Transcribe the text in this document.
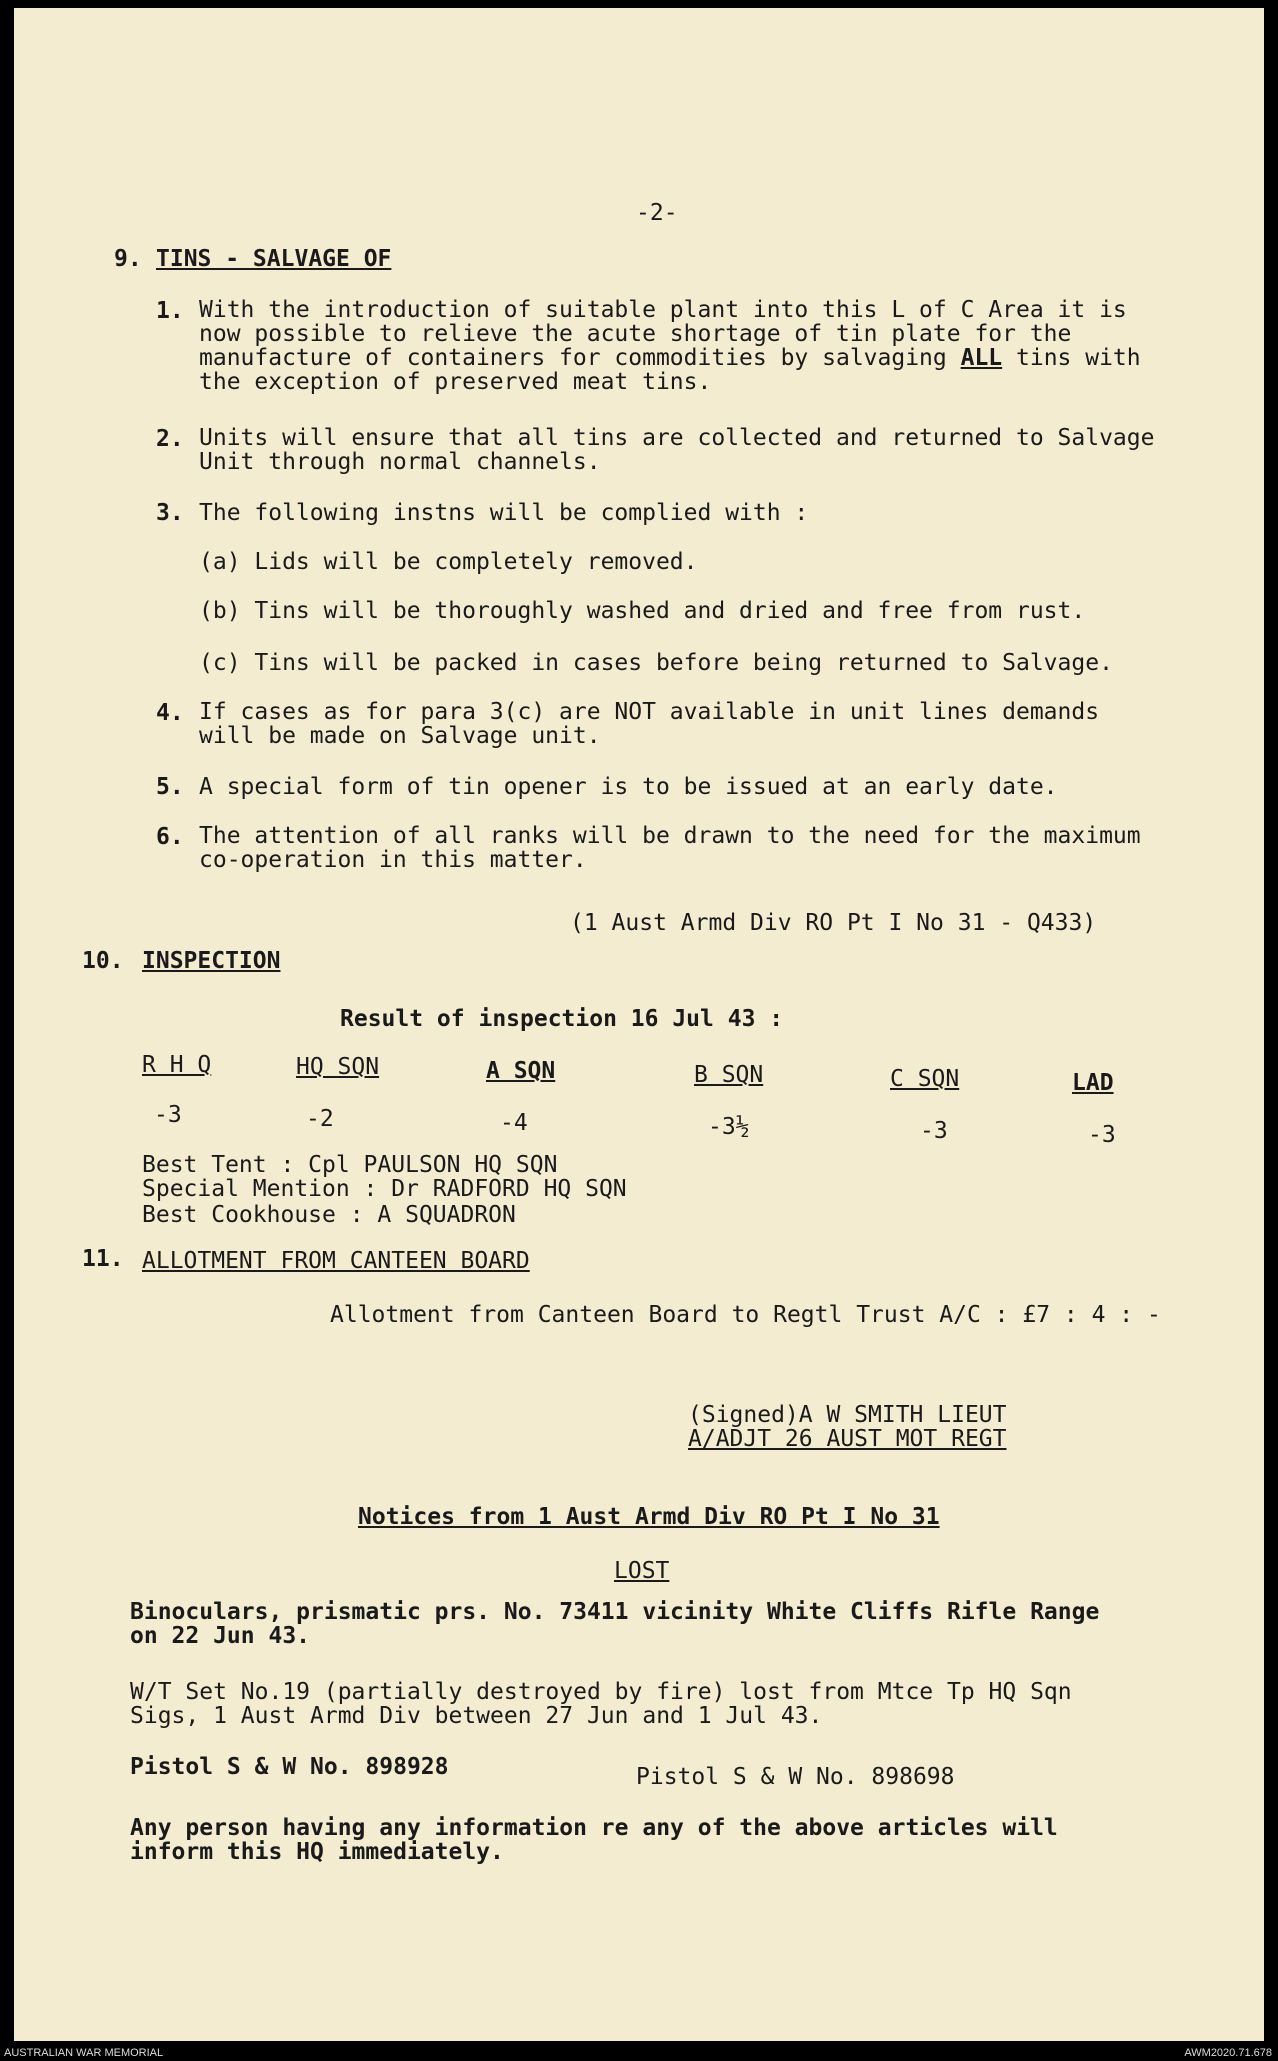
-2-
9. TINS - SALVAGE OF
1. With the introduction of suitable plant into this L of C Area it is
now possible to relieve the acute shortage of tin plate for the
manufacture of containers for commodities by salvaging ALL tins with
the exception of preserved meat tins.
2. Units will ensure that all tins are collected and returned to Salvage
Unit through normal channels.
3. The following instns will be complied with :
(a) Lids will be completely removed.
(b) Tins will be thoroughly washed and dried and free from rust.
(c) Tins will be packed in cases before being returned to Salvage.
4. If cases as for para 3(c) are NOT available in unit lines demands
will be made on Salvage unit.
5. A special form of tin opener is to be issued at an early date.
6. The attention of all ranks will be drawn to the need for the maximum
co-operation in this matter.
(1 Aust Armd Div RO Pt I No 31 - Q433)
10. INSPECTION
Result of inspection 16 Jul 43 :
R H Q	HQ SQN	A SQN	B SQN	C SQN	LAD
-3	-2	-4	-3½	-3	-3
Best Tent : Cpl PAULSON HQ SQN
Special Mention : Dr RADFORD HQ SQN
Best Cookhouse : A SQUADRON
11. ALLOTMENT FROM CANTEEN BOARD
Allotment from Canteen Board to Regtl Trust A/C : £7 : 4 : -
(Signed)A W SMITH LIEUT
A/ADJT 26 AUST MOT REGT
Notices from 1 Aust Armd Div RO Pt I No 31
LOST
Binoculars, prismatic prs. No. 73411 vicinity White Cliffs Rifle Range
on 22 Jun 43.
W/T Set No.19 (partially destroyed by fire) lost from Mtce Tp HQ Sqn
Sigs, 1 Aust Armd Div between 27 Jun and 1 Jul 43.
Pistol S & W No. 898928	Pistol S & W No. 898698
Any person having any information re any of the above articles will
inform this HQ immediately.
AUSTRALIAN WAR MEMORIAL	AWM2020.71.678
